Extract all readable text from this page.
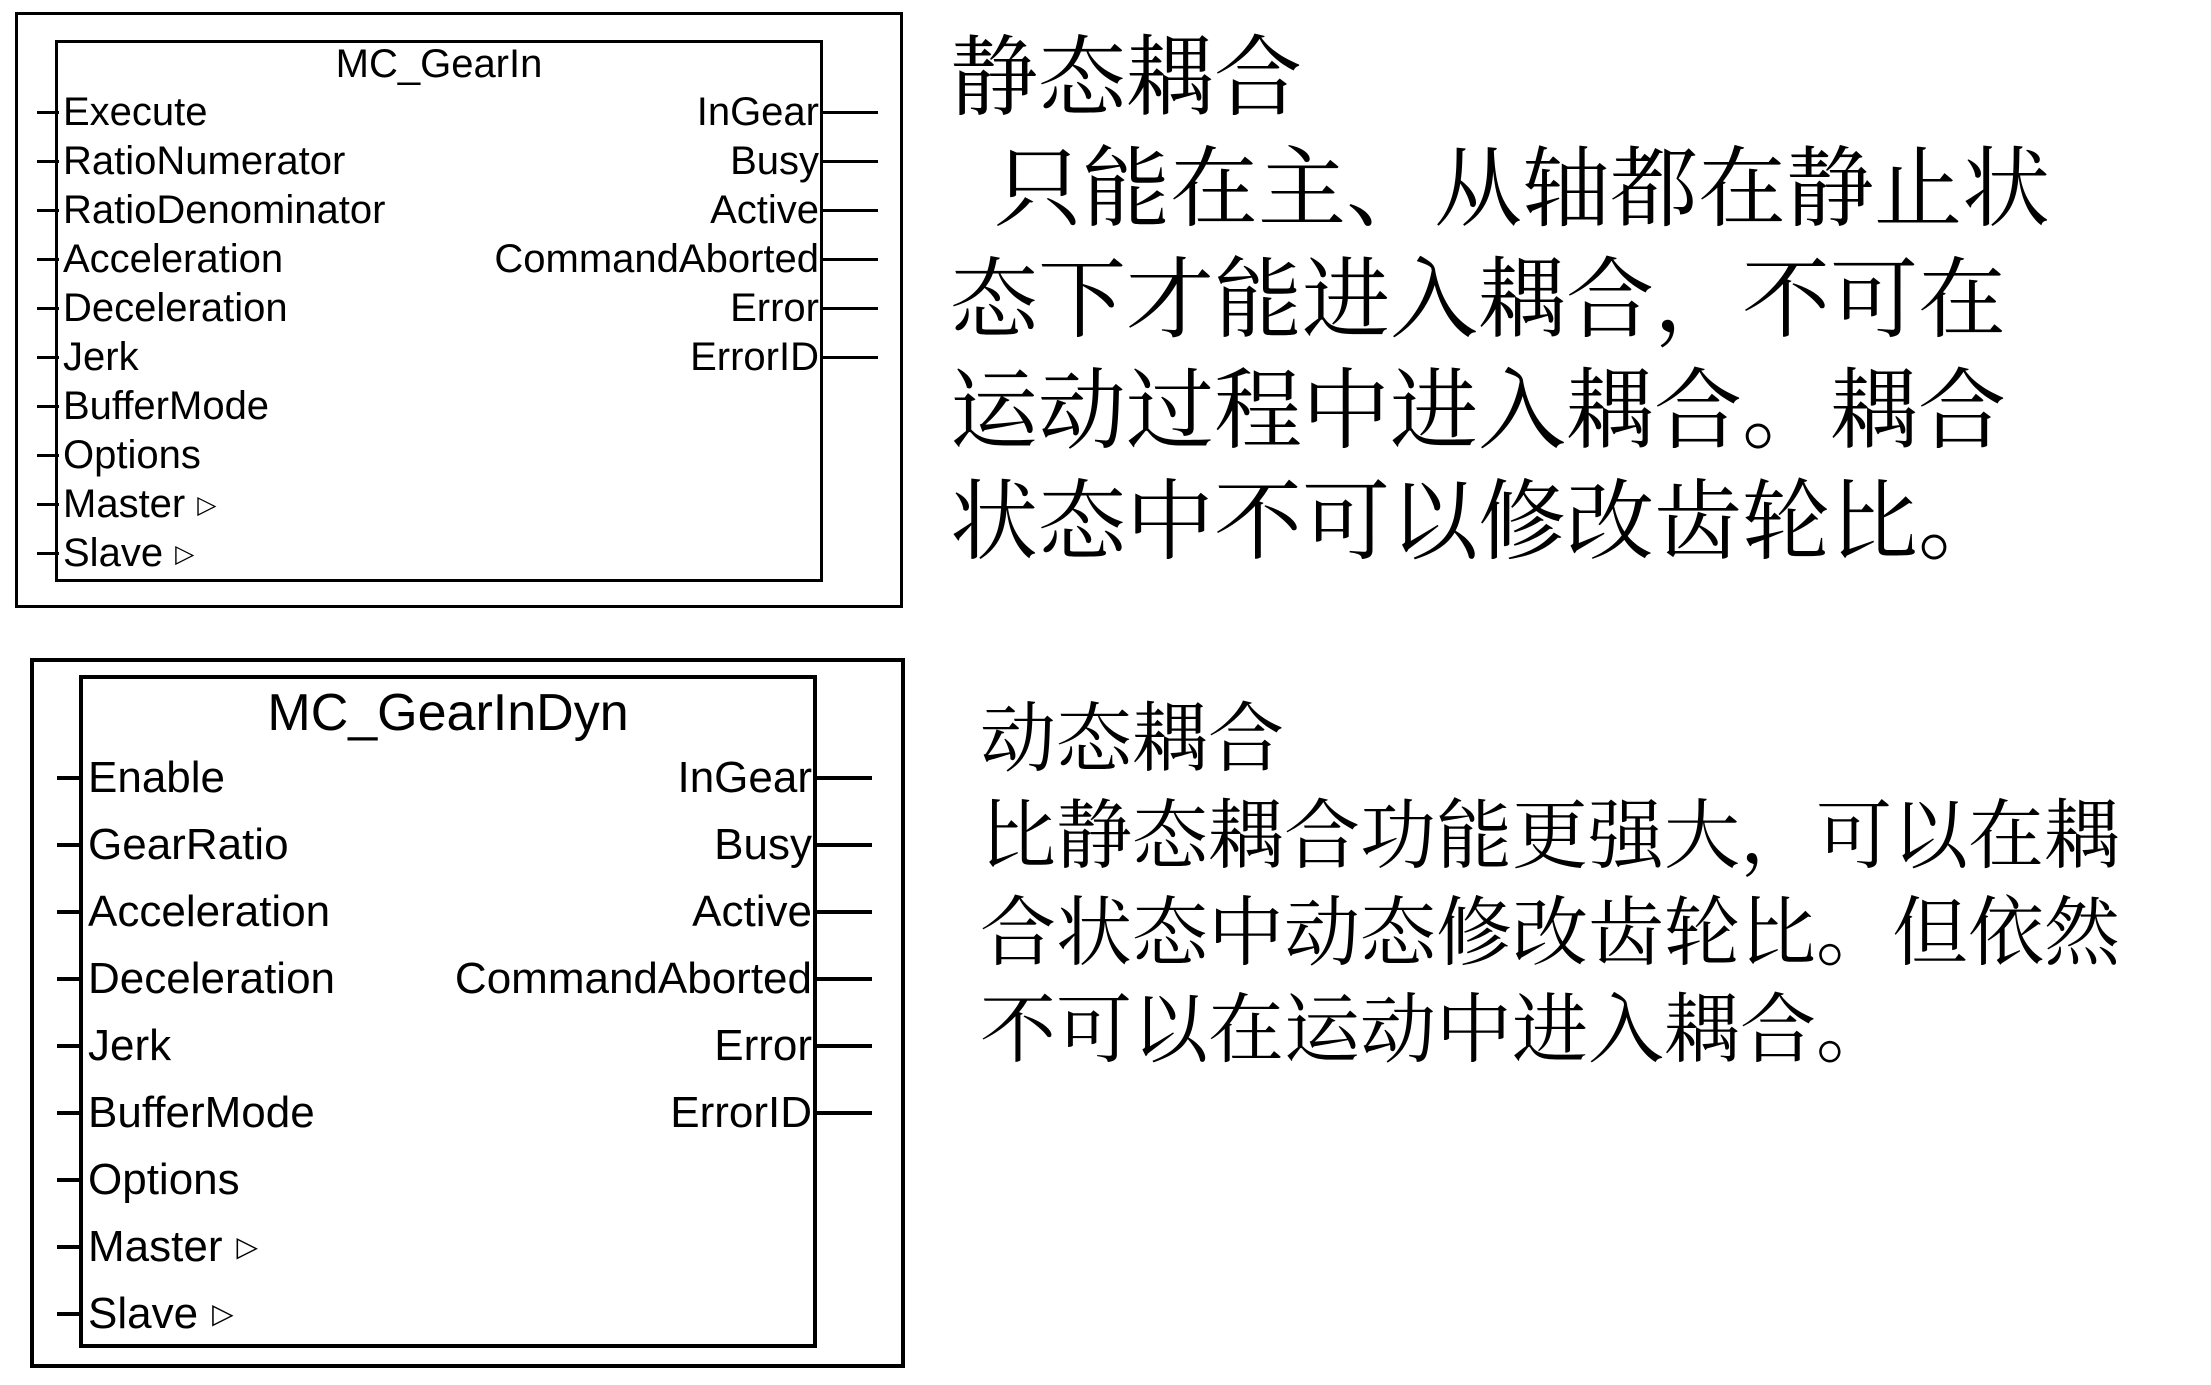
MC_GearIn
Execute	InGear
RatioNumerator	Busy
RatioDenominator	Active
Acceleration	CommandAborted
Deceleration	Error
Jerk	ErrorID
BufferMode
Options
Master ▷
Slave ▷
MC_GearInDyn
Enable	InGear
GearRatio	Busy
Acceleration	Active
Deceleration	CommandAborted
Jerk	Error
BufferMode	ErrorID
Options
Master ▷
Slave ▷
静态耦合
只能在主、从轴都在静止状
态下才能进入耦合，不可在
运动过程中进入耦合。耦合
状态中不可以修改齿轮比。
动态耦合
比静态耦合功能更强大，可以在耦
合状态中动态修改齿轮比。但依然
不可以在运动中进入耦合。
